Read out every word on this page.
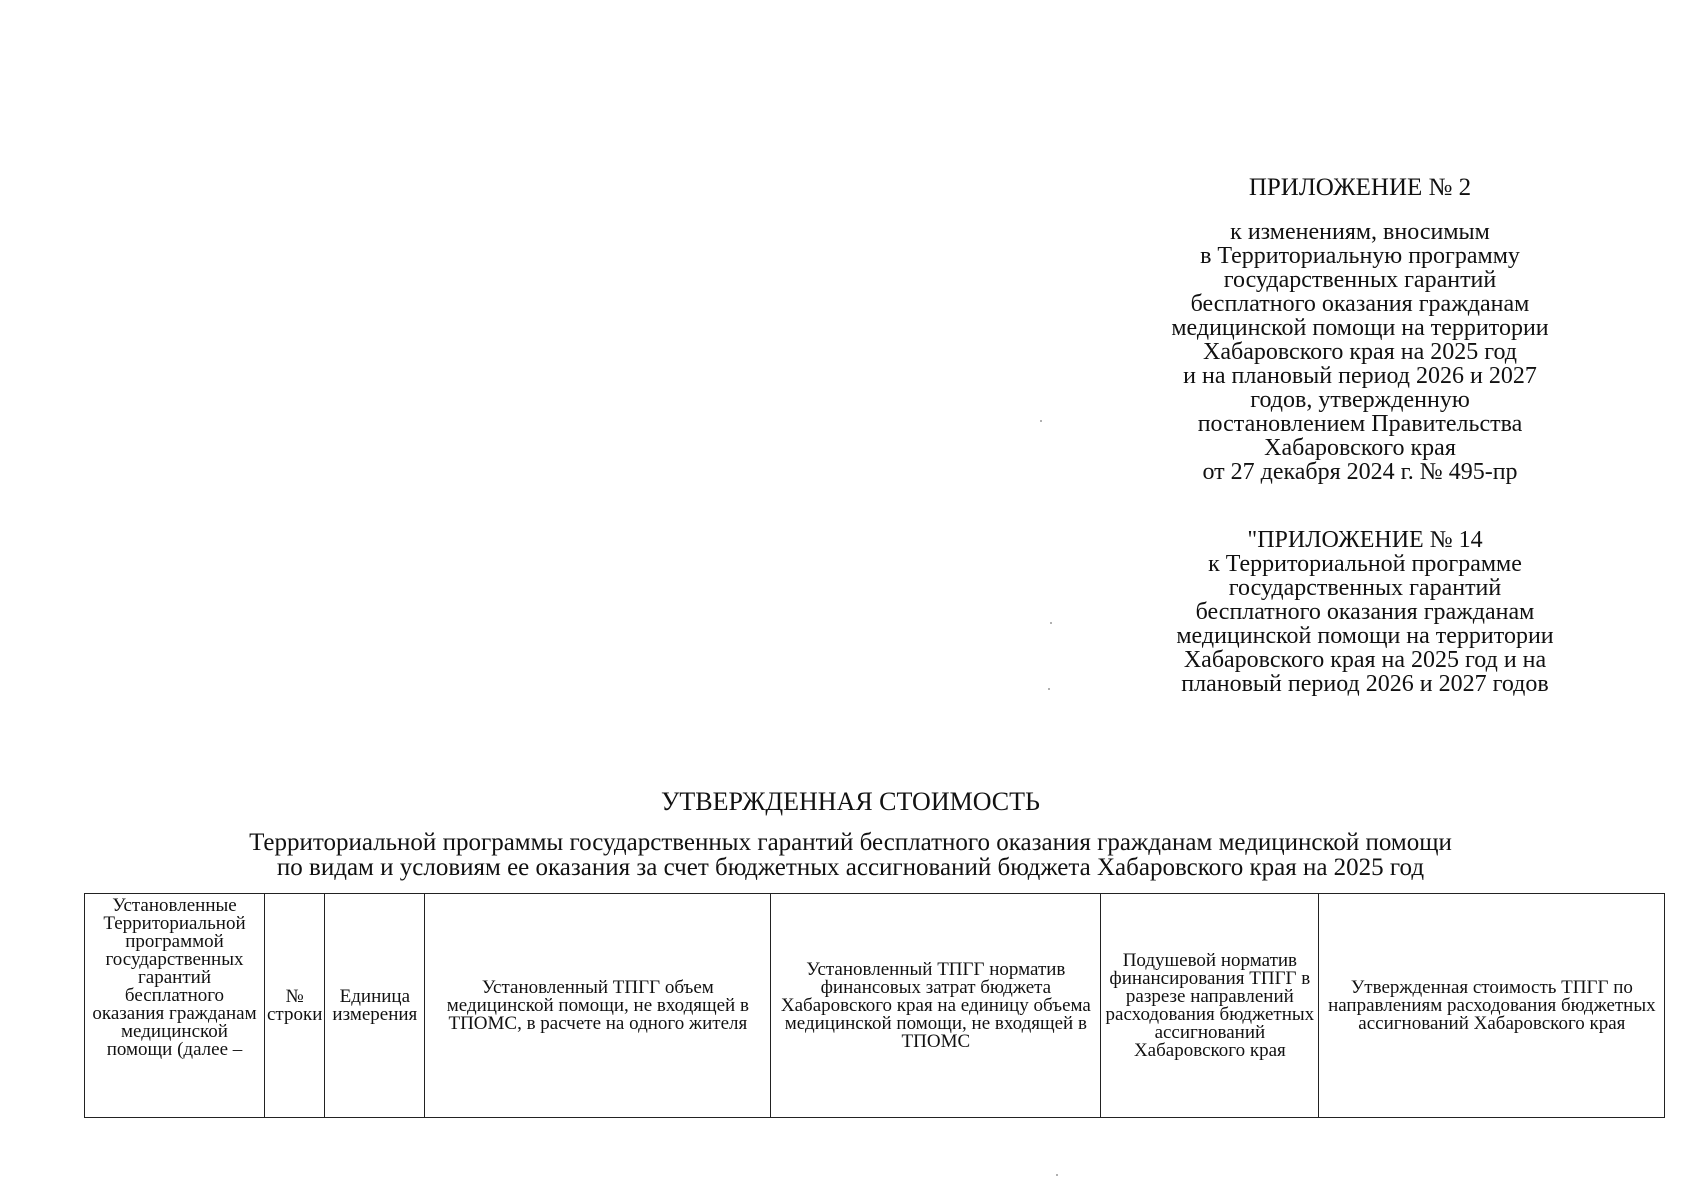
ПРИЛОЖЕНИЕ № 2
к изменениям, вносимым
в Территориальную программу
государственных гарантий
бесплатного оказания гражданам
медицинской помощи на территории
Хабаровского края на 2025 год
и на плановый период 2026 и 2027
годов, утвержденную
постановлением Правительства
Хабаровского края
от 27 декабря 2024 г. № 495-пр
"ПРИЛОЖЕНИЕ № 14
к Территориальной программе
государственных гарантий
бесплатного оказания гражданам
медицинской помощи на территории
Хабаровского края на 2025 год и на
плановый период 2026 и 2027 годов
УТВЕРЖДЕННАЯ СТОИМОСТЬ
Территориальной программы государственных гарантий бесплатного оказания гражданам медицинской помощи
по видам и условиям ее оказания за счет бюджетных ассигнований бюджета Хабаровского края на 2025 год
Установленные Территориальной программой государственных гарантий бесплатного оказания гражданам медицинской помощи (далее –	№ строки	Единица измерения	Установленный ТПГГ объем медицинской помощи, не входящей в ТПОМС, в расчете на одного жителя	Установленный ТПГГ норматив финансовых затрат бюджета Хабаровского края на единицу объема медицинской помощи, не входящей в ТПОМС	Подушевой норматив финансирования ТПГГ в разрезе направлений расходования бюджетных ассигнований Хабаровского края	Утвержденная стоимость ТПГГ по направлениям расходования бюджетных ассигнований Хабаровского края
